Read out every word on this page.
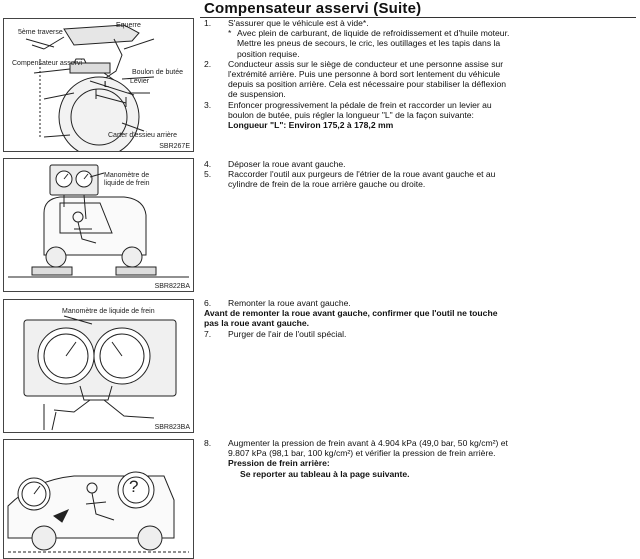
Compensateur asservi (Suite)
5ème traverse
Equerre
Compensateur asservi
Boulon de butée
Levier
L
Carter d'essieu arrière
SBR267E
Manomètre de
liquide de frein
SBR822BA
Manomètre de liquide de frein
SBR823BA
?

1. S'assurer que le véhicule est à vide*.

* Avec plein de carburant, de liquide de refroidissement et d'huile moteur. Mettre les pneus de secours, le cric, les outillages et les tapis dans la position requise.

2. Conducteur assis sur le siège de conducteur et une personne assise sur l'extrémité arrière. Puis une personne à bord sort lentement du véhicule depuis sa position arrière. Cela est nécessaire pour stabiliser la déflexion de suspension.

3. Enfoncer progressivement la pédale de frein et raccorder un levier au boulon de butée, puis régler la longueur "L" de la façon suivante:

Longueur "L": Environ 175,2 à 178,2 mm

4. Déposer la roue avant gauche.

5. Raccorder l'outil aux purgeurs de l'étrier de la roue avant gauche et au cylindre de frein de la roue arrière gauche ou droite.

6. Remonter la roue avant gauche.

Avant de remonter la roue avant gauche, confirmer que l'outil ne touche pas la roue avant gauche.

7. Purger de l'air de l'outil spécial.

8. Augmenter la pression de frein avant à 4.904 kPa (49,0 bar, 50 kg/cm²) et 9.807 kPa (98,1 bar, 100 kg/cm²) et vérifier la pression de frein arrière.

Pression de frein arrière:

Se reporter au tableau à la page suivante.
